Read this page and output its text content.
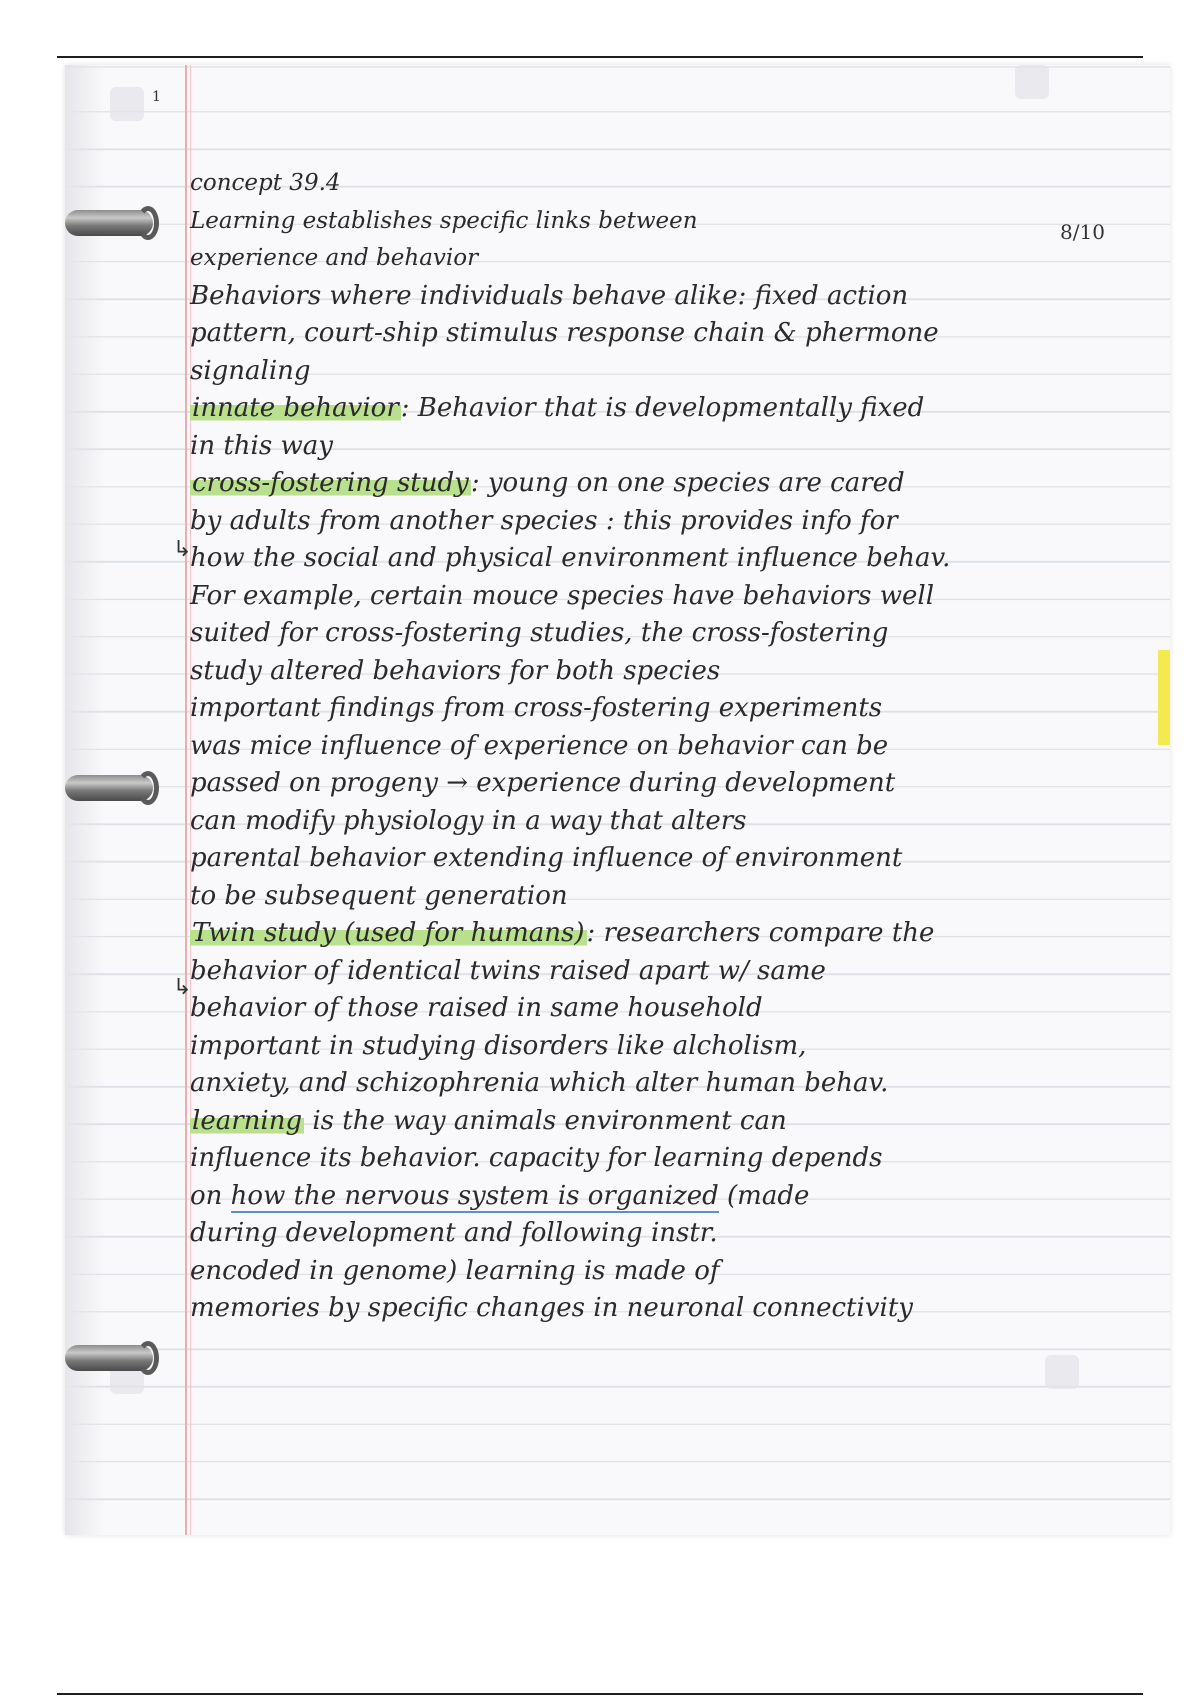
1
8/10
concept 39.4
Learning establishes specific links between
experience and behavior
Behaviors where individuals behave alike: fixed action
pattern, court-ship stimulus response chain & phermone
signaling
innate behavior: Behavior that is developmentally fixed
in this way
cross-fostering study: young on one species are cared
by adults from another species : this provides info for
how the social and physical environment influence behav.
For example, certain mouce species have behaviors well
suited for cross-fostering studies, the cross-fostering
study altered behaviors for both species
important findings from cross-fostering experiments
was mice influence of experience on behavior can be
passed on progeny → experience during development
can modify physiology in a way that alters
parental behavior extending influence of environment
to be subsequent generation
Twin study (used for humans): researchers compare the
behavior of identical twins raised apart w/ same
behavior of those raised in same household
important in studying disorders like alcholism,
anxiety, and schizophrenia which alter human behav.
learning is the way animals environment can
influence its behavior. capacity for learning depends
on how the nervous system is organized (made
during development and following instr.
encoded in genome) learning is made of
memories by specific changes in neuronal connectivity
↳
↳
